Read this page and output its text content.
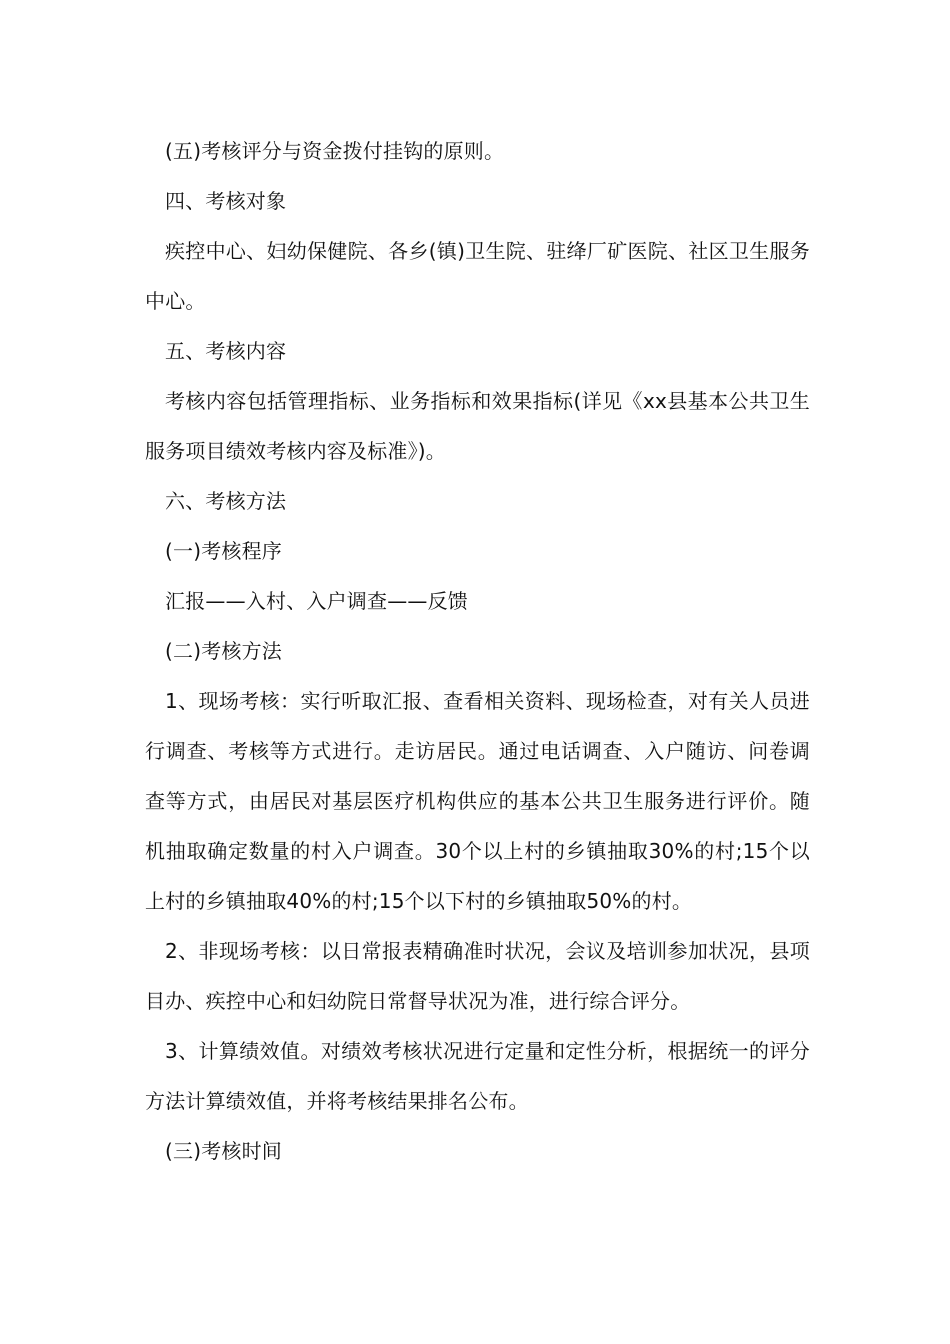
(五)考核评分与资金拨付挂钩的原则。

四、考核对象

疾控中心、妇幼保健院、各乡(镇)卫生院、驻绛厂矿医院、社区卫生服务中心。

五、考核内容

考核内容包括管理指标、业务指标和效果指标(详见《xx县基本公共卫生服务项目绩效考核内容及标准》)。

六、考核方法

(一)考核程序

汇报——入村、入户调查——反馈

(二)考核方法

1、现场考核：实行听取汇报、查看相关资料、现场检查，对有关人员进行调查、考核等方式进行。走访居民。通过电话调查、入户随访、问卷调查等方式，由居民对基层医疗机构供应的基本公共卫生服务进行评价。随机抽取确定数量的村入户调查。30个以上村的乡镇抽取30%的村;15个以上村的乡镇抽取40%的村;15个以下村的乡镇抽取50%的村。

2、非现场考核：以日常报表精确准时状况，会议及培训参加状况，县项目办、疾控中心和妇幼院日常督导状况为准，进行综合评分。

3、计算绩效值。对绩效考核状况进行定量和定性分析，根据统一的评分方法计算绩效值，并将考核结果排名公布。

(三)考核时间
